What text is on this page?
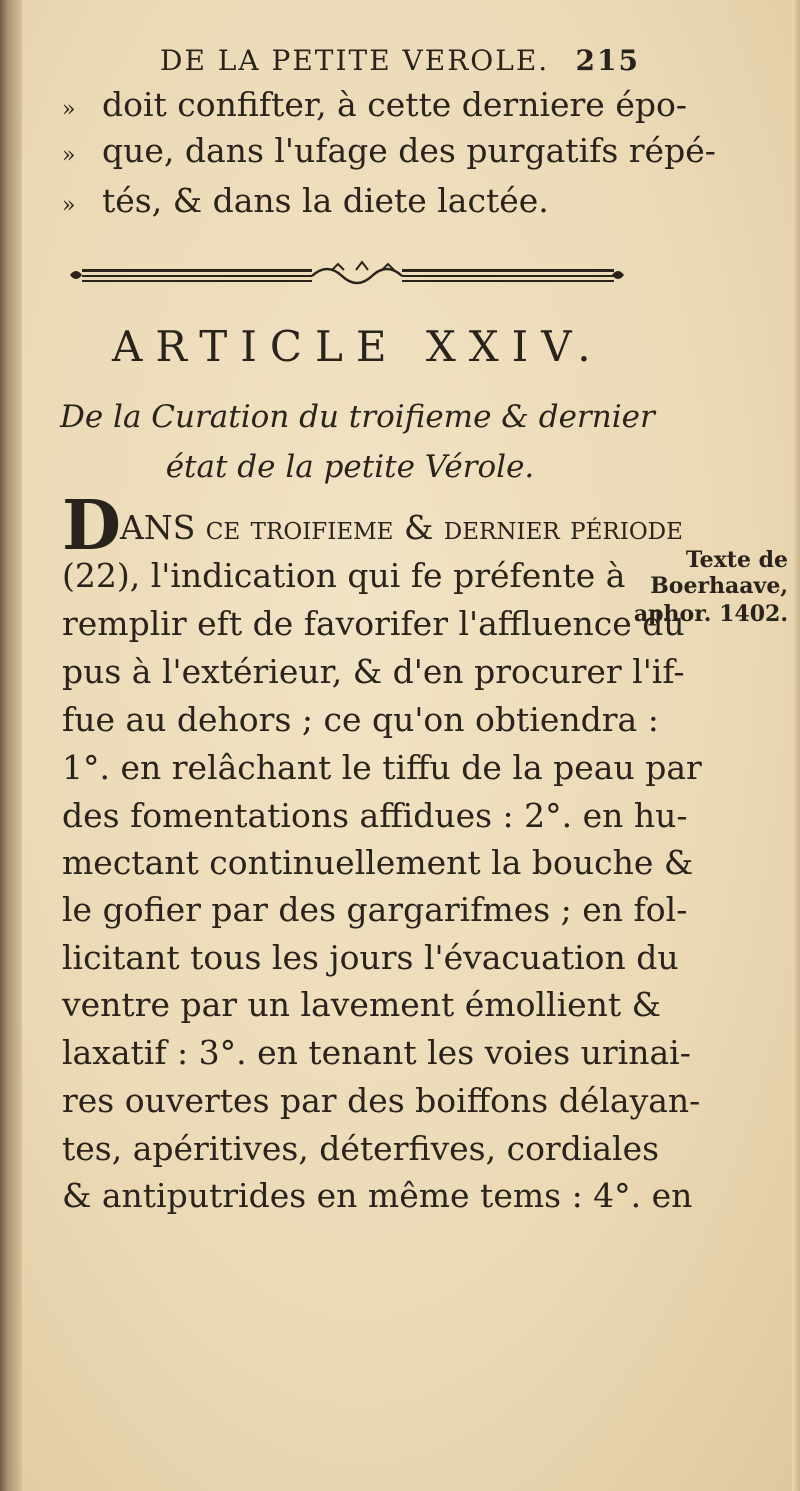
DE LA PETITE VEROLE. 215
» doit confifter, à cette derniere épo-
» que, dans l'ufage des purgatifs répé-
» tés, & dans la diete lactée.
ARTICLE XXIV.
De la Curation du troifieme & dernier
état de la petite Vérole.
D ANS ce troifieme & dernier période
(22), l'indication qui fe préfente à
remplir eft de favorifer l'affluence du
pus à l'extérieur, & d'en procurer l'if-
fue au dehors ; ce qu'on obtiendra :
1°. en relâchant le tiffu de la peau par
des fomentations affidues : 2°. en hu-
mectant continuellement la bouche &
le gofier par des gargarifmes ; en fol-
licitant tous les jours l'évacuation du
ventre par un lavement émollient &
laxatif : 3°. en tenant les voies urinai-
res ouvertes par des boiffons délayan-
tes, apéritives, déterfives, cordiales
& antiputrides en même tems : 4°. en
Texte de
Boerhaave,
aphor. 1402.
